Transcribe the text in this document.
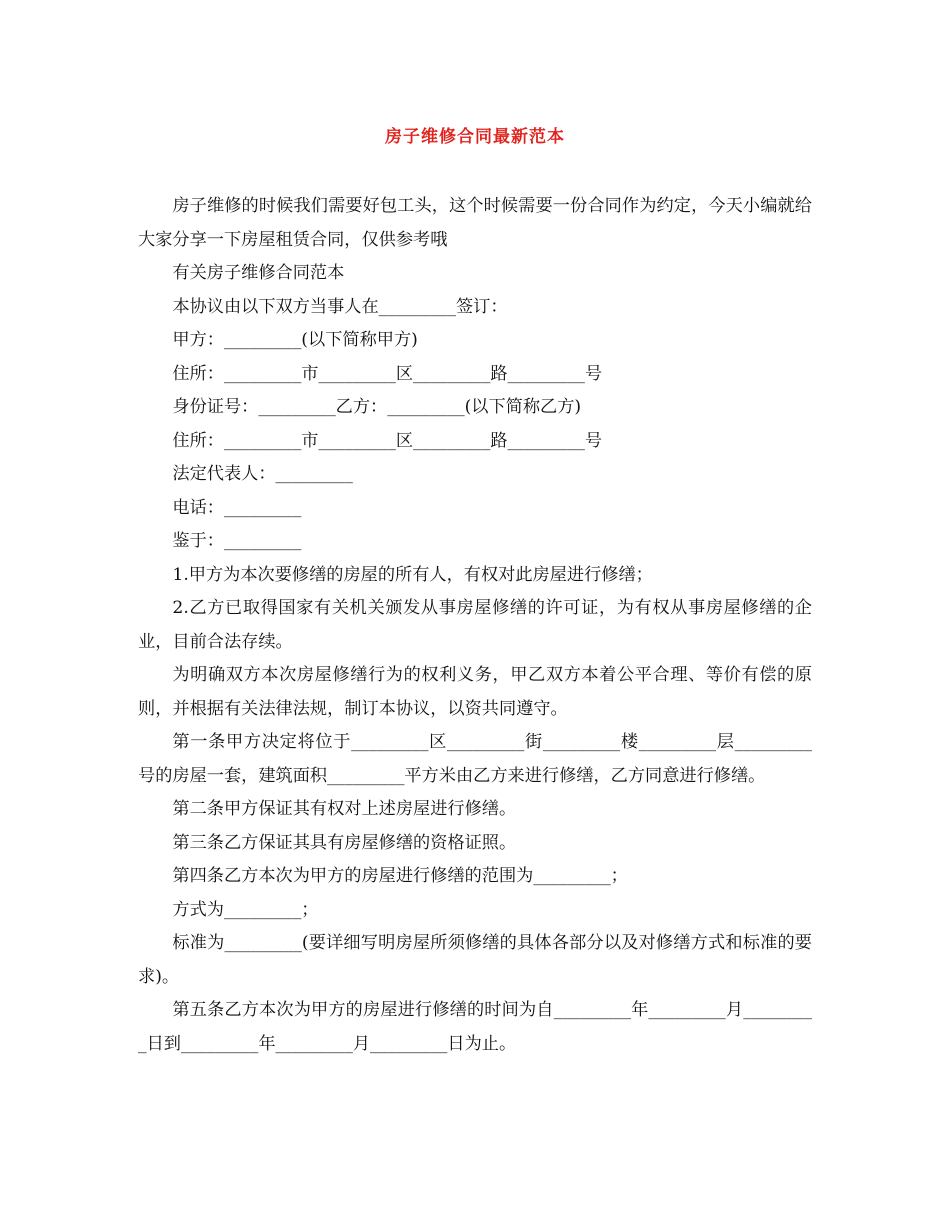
房子维修合同最新范本

房子维修的时候我们需要好包工头，这个时候需要一份合同作为约定，今天小编就给大家分享一下房屋租赁合同，仅供参考哦

有关房子维修合同范本

本协议由以下双方当事人在_________签订：

甲方：_________(以下简称甲方)

住所：_________市_________区_________路_________号

身份证号：_________乙方：_________(以下简称乙方)

住所：_________市_________区_________路_________号

法定代表人：_________

电话：_________

鉴于：_________

1.甲方为本次要修缮的房屋的所有人，有权对此房屋进行修缮；

2.乙方已取得国家有关机关颁发从事房屋修缮的许可证，为有权从事房屋修缮的企业，目前合法存续。

为明确双方本次房屋修缮行为的权利义务，甲乙双方本着公平合理、等价有偿的原则，并根据有关法律法规，制订本协议，以资共同遵守。

第一条甲方决定将位于_________区_________街_________楼_________层_________号的房屋一套，建筑面积_________平方米由乙方来进行修缮，乙方同意进行修缮。

第二条甲方保证其有权对上述房屋进行修缮。

第三条乙方保证其具有房屋修缮的资格证照。

第四条乙方本次为甲方的房屋进行修缮的范围为_________；

方式为_________；

标准为_________(要详细写明房屋所须修缮的具体各部分以及对修缮方式和标准的要求)。

第五条乙方本次为甲方的房屋进行修缮的时间为自_________年_________月_________日到_________年_________月_________日为止。
